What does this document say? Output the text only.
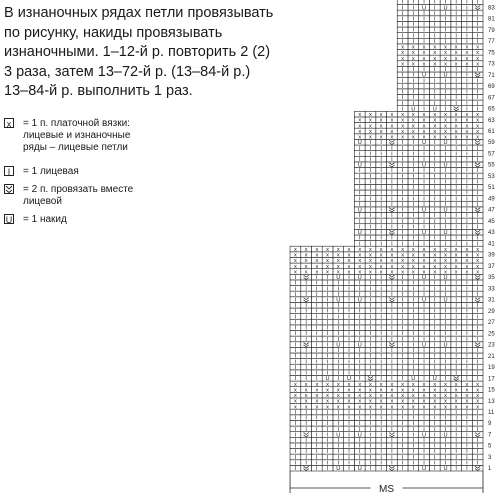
В изнаночных рядах петли провязывать
по рисунку, накиды провязывать
изнаночными. 1–12-й р. повторить 2 (2)
3 раза, затем 13–72-й р. (13–84-й р.)
13–84-й р. выполнить 1 раз.
x = 1 п. платочной вязки:
лицевые и изнаночные
ряды – лицевые петли
I	= 1 лицевая
= 2 п. провязать вместе
лицевой
U = 1 накид
I
I
U
I
U
I
I
I
I
U
I
U
I
I
I
I
I
I
I
I
I
I
I
I
I
I
I
I
I
I
I
I
I
I
I
I
I
I
I
I
I
I
I
I
I
I
I
I
I
I
I
I
I
I
I
I
I
I
I
I
I
I
I
I
I
I
I
I
I
I
I
I
I
I
I
I
I
I
I
I
I
I
I
I
I
I
I
I
I
I
I
I
I
I
I
I
I
I
I
I
I
I
I
I
I
I
I
U
I
U
I
I
I
I
U
I
U
I
I
I
I
I
I
I
I
I
I
I
I
I
I
I
I
I
I
I
I
I
I
I
I
I
I
I
I
I
I
I
I
I
I
I
I
I
I
I
I
I
I
I
I
I
I
I
I
I
I
I
I
I
I
I
I
I
I
I
I
I
I
I
I
I
I
I
I
I
I
I
I
I
I
I
x
x
x
x
x
x
x
x
x
x
x
x
x
x
x
x
x
x
x
x
x
x
x
x
x
x
x
x
x
x
x
x
x
x
x
x
x
x
x
x
x
x
x
x
x
x
x
x
x
x
x
x
x
x
x
x
x
x
x
x
x
x
x
x
x
x
x
x
x
x
x
x
x
x
x
x
x
x
x
x
x
x
x
x
x
x
x
x
x
x
I
I
I
U
I
U
I
I
I
I
U
I
U
I
I
I
I
I
I
I
I
I
I
I
I
I
I
I
I
I
I
I
I
I
I
I
I
I
I
I
I
I
I
I
I
I
I
I
I
I
I
I
I
I
I
I
I
I
I
I
I
I
I
I
I
I
I
I
I
I
I
I
I
I
I
I
I
I
I
I
I
I
I
I
I
I
I
I
I
I
I
I
I
I
I
I
I
I
I
I
I
I
I
I
I
I
I
I
U
I
U
I
I
I
I
U
I
U
I
I
I
I
I
I
I
I
I
I
I
I
I
I
I
I
I
I
I
I
I
I
I
I
I
I
I
I
I
I
I
I
I
I
I
I
I
I
I
I
I
I
I
I
I
I
I
I
I
I
I
I
I
I
I
I
I
I
I
I
I
I
I
I
I
I
I
I
I
I
I
I
I
I
I
I
I
I
I
I
I
I
I
I
I
I
I
I
I
I
I
I
I
I
I
I
I
I
I
I
I
I
I
I
I
I
I
I
I
I
I
I
I
I
I
I
I
I
I
I
I
I
I
I
I
I
I
I
I
I
I
U
I
U
I
I
I
I
U
I
U
I
I
I
I
I
I
I
I
I
I
I
I
I
I
I
I
I
I
I
I
I
I
I
I
I
I
I
I
I
I
I
I
I
I
I
I
I
I
I
I
I
I
I
I
I
I
I
I
I
I
I
I
I
I
I
I
I
I
I
U
I
U
I
I
I
I
U
I
U
I
I
I
x
x
x
x
x
x
x
x
x
x
x
x
x
x
x
x
x
x
x
x
x
x
x
x
x
x
x
x
x
x
x
x
x
x
x
x
x
x
x
x
x
x
x
x
x
x
x
x
x
x
x
x
x
x
x
x
x
x
x
x
x
x
x
x
x
x
x
x
x
x
x
x
x
x
x
x
x
x
x
x
x
x
x
x
x
x
x
x
x
x
I
I
I
I
I
I
I
I
I
I
I
I
I
I
I
I
I
I
I
I
I
I
I
I
I
I
U
I
U
I
I
I
I
U
I
I
I
I
I
I
I
I
I
I
I
I
I
I
I
I
I
I
I
I
I
I
I
I
I
I
I
I
I
I
I
I
I
I
I
I
I
I
U
I
U
I
I
I
I
U
I
I
I
I
I
I
I
I
I
I
I
I
I
I
I
I
I
I
I
I
I
I
I
I
I
I
I
I
I
I
I
I
I
I
I
I
I
I
I
I
I
I
I
I
I
I
I
I
I
I
I
I
I
I
I
I
I
I
I
I
I
I
I
I
I
I
I
I
I
I
I
I
I
I
I
I
I
I
I
I
I
I
I
I
I
I
U
I
U
I
I
I
I
U
I
I
I
I
I
I
I
I
I
I
I
I
I
I
I
I
I
I
I
I
I
I
I
I
I
I
I
I
I
I
I
I
I
I
I
I
I
I
U
I
U
I
I
I
I
U
x
x
x
x
x
x
x
x
x
x
x
x
x
x
x
x
x
x
x
x
x
x
x
x
x
x
x
x
x
x
x
x
x
x
x
x
x
x
x
x
x
x
x
x
x
x
x
x
x
x
x
x
x
x
x
x
x
x
x
x
I
I
I
U
I
U
I
I
I
I
I
I
I
I
I
I
I
I
I
I
I
I
I
I
I
I
I
I
I
I
I
I
I
I
I
I
I
I
I
I
I
I
I
I
I
I
I
I
I
U
I
U
I
I
I
I
I
I
I
I
I
I
x
x
x
x
x
x
x
x
x
x
x
x
x
x
x
x
x
x
x
x
x
x
x
x
x
x
x
x
x
x
x
x
I
I
I
I
I
I
I
I
I
I
I
I
I
I
I
I
I
I
I
I
I
I
I
I
I
I
I
I
I
I
I
I
I
I
I
I
I
I
I
I
I
I
I
I
I
I
I
I
I
I
U
I
U
I
I
I
I
I
I
I
I
I
I
1
3
5
7
9
11
13
15
17
19
21
23
25
27
29
31
33
35
37
39
41
43
45
47
49
51
53
55
57
59
61
63
65
67
69
71
73
75
77
79
81
83
MS
